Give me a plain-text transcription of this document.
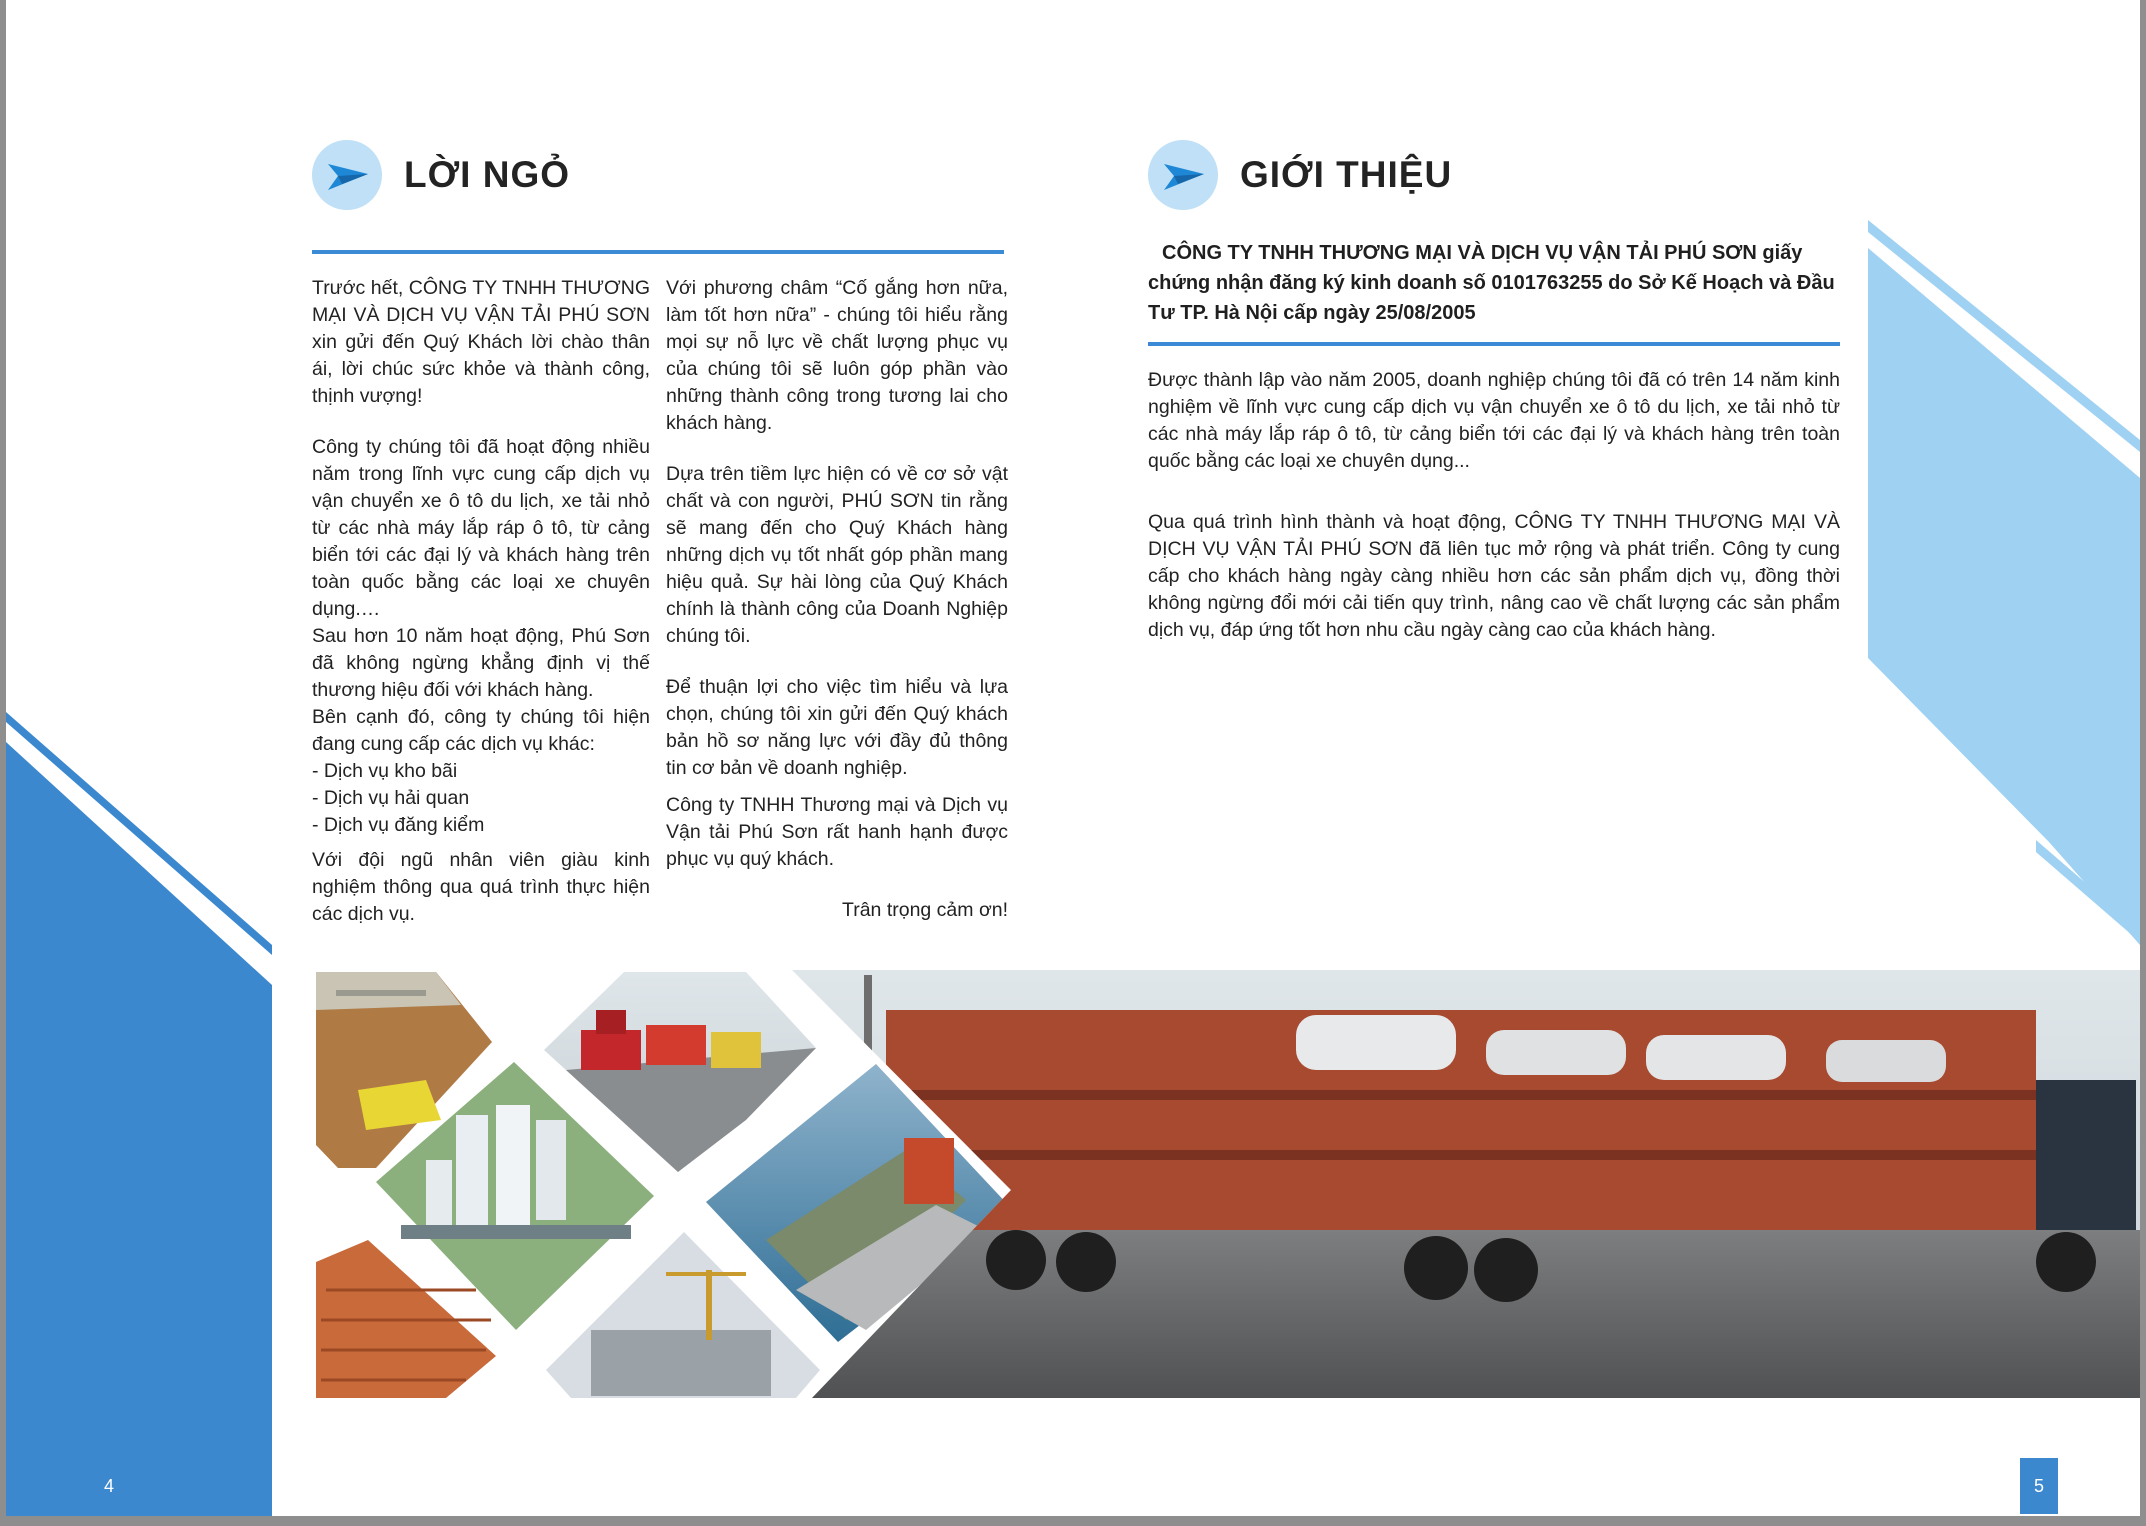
LỜI NGỎ

Trước hết, CÔNG TY TNHH THƯƠNG MẠI VÀ DỊCH VỤ VẬN TẢI PHÚ SƠN xin gửi đến Quý Khách lời chào thân ái, lời chúc sức khỏe và thành công, thịnh vượng!

Công ty chúng tôi đã hoạt động nhiều năm trong lĩnh vực cung cấp dịch vụ vận chuyển xe ô tô du lịch, xe tải nhỏ từ các nhà máy lắp ráp ô tô, từ cảng biển tới các đại lý và khách hàng trên toàn quốc bằng các loại xe chuyên dụng.…

Sau hơn 10 năm hoạt động, Phú Sơn đã không ngừng khẳng định vị thế thương hiệu đối với khách hàng.

Bên cạnh đó, công ty chúng tôi hiện đang cung cấp các dịch vụ khác:

- Dịch vụ kho bãi

- Dịch vụ hải quan

- Dịch vụ đăng kiểm

Với đội ngũ nhân viên giàu kinh nghiệm thông qua quá trình thực hiện các dịch vụ.

Với phương châm “Cố gắng hơn nữa, làm tốt hơn nữa” - chúng tôi hiểu rằng mọi sự nỗ lực về chất lượng phục vụ của chúng tôi sẽ luôn góp phần vào những thành công trong tương lai cho khách hàng.

Dựa trên tiềm lực hiện có về cơ sở vật chất và con người, PHÚ SƠN tin rằng sẽ mang đến cho Quý Khách hàng những dịch vụ tốt nhất góp phần mang hiệu quả. Sự hài lòng của Quý Khách chính là thành công của Doanh Nghiệp chúng tôi.

Để thuận lợi cho việc tìm hiểu và lựa chọn, chúng tôi xin gửi đến Quý khách bản hồ sơ năng lực với đầy đủ thông tin cơ bản về doanh nghiệp.

Công ty TNHH Thương mại và Dịch vụ Vận tải Phú Sơn rất hanh hạnh được phục vụ quý khách.

Trân trọng cảm ơn!

4
GIỚI THIỆU
CÔNG TY TNHH THƯƠNG MẠI VÀ DỊCH VỤ VẬN TẢI PHÚ SƠN giấy chứng nhận đăng ký kinh doanh số 0101763255 do Sở Kế Hoạch và Đầu Tư TP. Hà Nội cấp ngày 25/08/2005

Được thành lập vào năm 2005, doanh nghiệp chúng tôi đã có trên 14 năm kinh nghiệm về lĩnh vực cung cấp dịch vụ vận chuyển xe ô tô du lịch, xe tải nhỏ từ các nhà máy lắp ráp ô tô, từ cảng biển tới các đại lý và khách hàng trên toàn quốc bằng các loại xe chuyên dụng...

Qua quá trình hình thành và hoạt động, CÔNG TY TNHH THƯƠNG MẠI VÀ DỊCH VỤ VẬN TẢI PHÚ SƠN đã liên tục mở rộng và phát triển. Công ty cung cấp cho khách hàng ngày càng nhiều hơn các sản phẩm dịch vụ, đồng thời không ngừng đổi mới cải tiến quy trình, nâng cao về chất lượng các sản phẩm dịch vụ, đáp ứng tốt hơn nhu cầu ngày càng cao của khách hàng.

5
